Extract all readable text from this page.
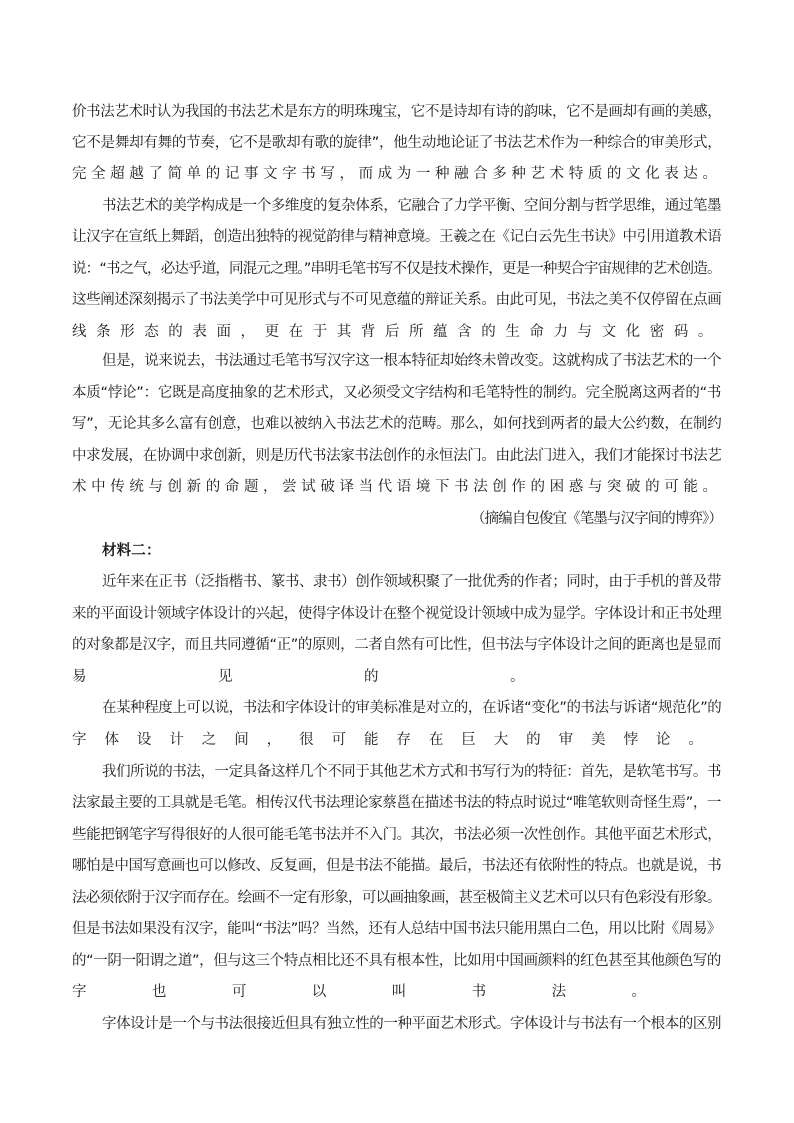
价书法艺术时认为我国的书法艺术是东方的明珠瑰宝，它不是诗却有诗的韵味，它不是画却有画的美感，

它不是舞却有舞的节奏，它不是歌却有歌的旋律”，他生动地论证了书法艺术作为一种综合的审美形式，

完全超越了简单的记事文字书写，而成为一种融合多种艺术特质的文化表达。

书法艺术的美学构成是一个多维度的复杂体系，它融合了力学平衡、空间分割与哲学思维，通过笔墨

让汉字在宣纸上舞蹈，创造出独特的视觉韵律与精神意境。王羲之在《记白云先生书诀》中引用道教术语

说：“书之气，必达乎道，同混元之理。”串明毛笔书写不仅是技术操作，更是一种契合宇宙规律的艺术创造。

这些阐述深刻揭示了书法美学中可见形式与不可见意蕴的辩证关系。由此可见，书法之美不仅停留在点画

线条形态的表面，更在于其背后所蕴含的生命力与文化密码。

但是，说来说去，书法通过毛笔书写汉字这一根本特征却始终未曾改变。这就构成了书法艺术的一个

本质“悖论”：它既是高度抽象的艺术形式，又必须受文字结构和毛笔特性的制约。完全脱离这两者的“书

写”，无论其多么富有创意，也难以被纳入书法艺术的范畴。那么，如何找到两者的最大公约数，在制约

中求发展，在协调中求创新，则是历代书法家书法创作的永恒法门。由此法门进入，我们才能探讨书法艺

术中传统与创新的命题，尝试破译当代语境下书法创作的困惑与突破的可能。

（摘编自包俊宜《笔墨与汉字间的博弈》）

材料二：

近年来在正书（泛指楷书、篆书、隶书）创作领域积聚了一批优秀的作者；同时，由于手机的普及带

来的平面设计领域字体设计的兴起，使得字体设计在整个视觉设计领域中成为显学。字体设计和正书处理

的对象都是汉字，而且共同遵循“正”的原则，二者自然有可比性，但书法与字体设计之间的距离也是显而

易见的。

在某种程度上可以说，书法和字体设计的审美标准是对立的，在诉诸“变化”的书法与诉诸“规范化”的

字体设计之间，很可能存在巨大的审美悖论。

我们所说的书法，一定具备这样几个不同于其他艺术方式和书写行为的特征：首先，是软笔书写。书

法家最主要的工具就是毛笔。相传汉代书法理论家蔡邕在描述书法的特点时说过“唯笔软则奇怪生焉”，一

些能把钢笔字写得很好的人很可能毛笔书法并不入门。其次，书法必须一次性创作。其他平面艺术形式，

哪怕是中国写意画也可以修改、反复画，但是书法不能描。最后，书法还有依附性的特点。也就是说，书

法必须依附于汉字而存在。绘画不一定有形象，可以画抽象画，甚至极简主义艺术可以只有色彩没有形象。

但是书法如果没有汉字，能叫“书法”吗？当然，还有人总结中国书法只能用黑白二色，用以比附《周易》

的“一阴一阳谓之道”，但与这三个特点相比还不具有根本性，比如用中国画颜料的红色甚至其他颜色写的

字也可以叫书法。

字体设计是一个与书法很接近但具有独立性的一种平面艺术形式。字体设计与书法有一个根本的区别
